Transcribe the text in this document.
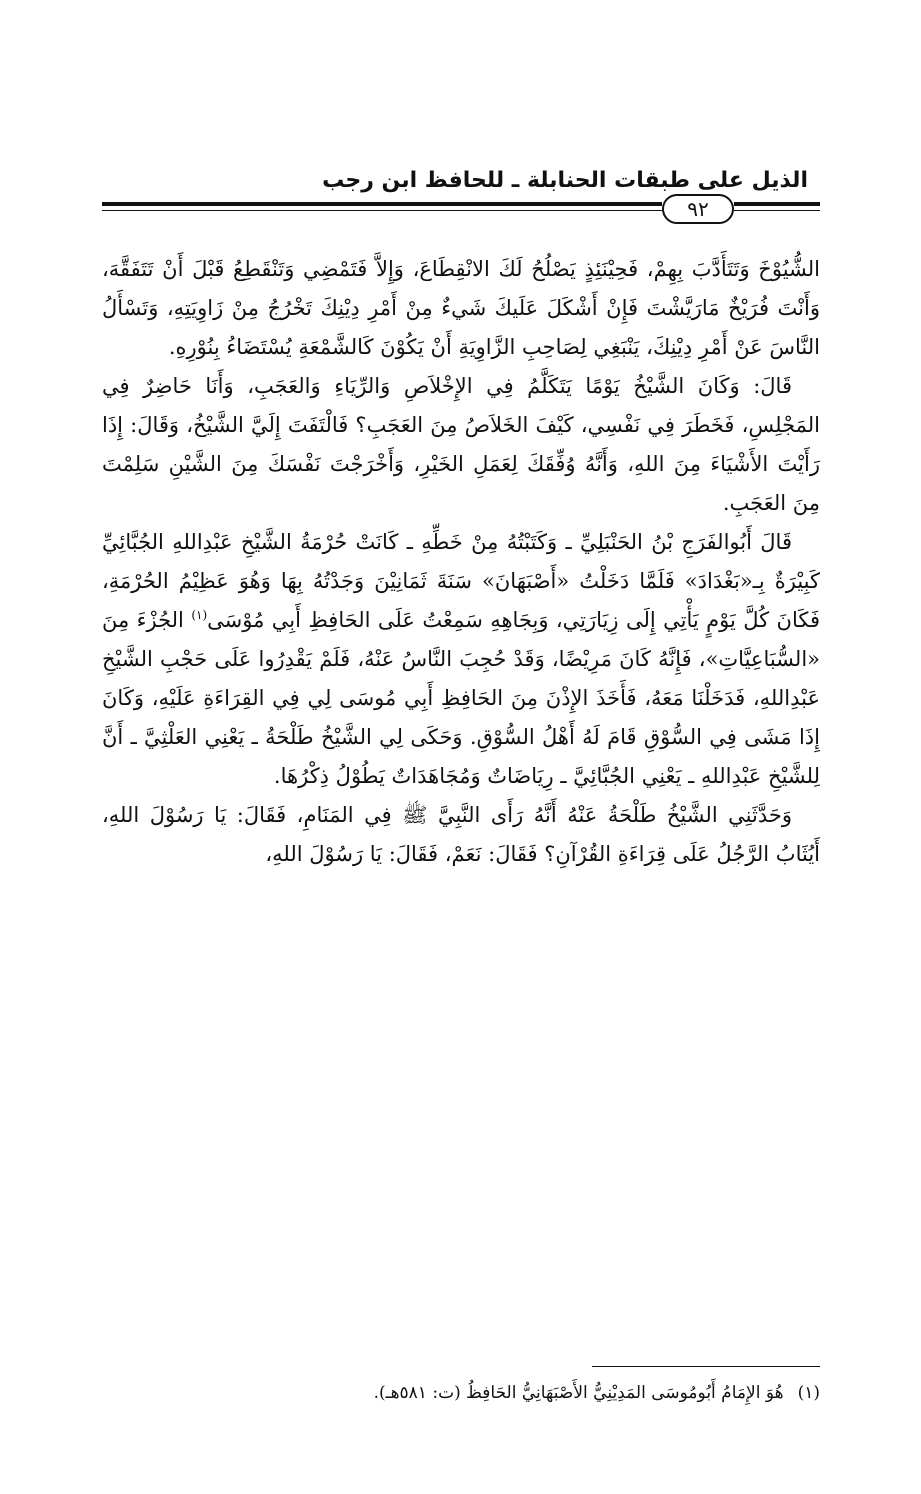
الذيل على طبقات الحنابلة ـ للحافظ ابن رجب
٩٢

الشُّيُوْخَ وَتَتَأَدَّبَ بِهِمْ، فَحِيْنَئِذٍ يَصْلُحُ لَكَ الانْقِطَاعَ، وَإِلاَّ فَتَمْضِي وَتَنْقَطِعُ قَبْلَ أَنْ تَتَفَقَّهَ، وَأَنْتَ فُرَيْخٌ مَارَيَّشْتَ فَإِنْ أَشْكَلَ عَلَيكَ شَيءٌ مِنْ أَمْرِ دِيْنِكَ تَخْرُجُ مِنْ زَاوِيَتِهِ، وَتَسْأَلُ النَّاسَ عَنْ أَمْرِ دِيْنِكَ، يَنْبَغِي لِصَاحِبِ الزَّاوِيَةِ أَنْ يَكُوْنَ كَالشَّمْعَةِ يُسْتَضَاءُ بِنُوْرِهِ.

قَالَ: وَكَانَ الشَّيْخُ يَوْمًا يَتَكَلَّمُ فِي الإِخْلاَصِ وَالرِّيَاءِ وَالعَجَبِ، وَأَنَا حَاضِرٌ فِي المَجْلِسِ، فَخَطَرَ فِي نَفْسِي، كَيْفَ الخَلاَصُ مِنَ العَجَبِ؟ فَالْتَفَتَ إِلَيَّ الشَّيْخُ، وَقَالَ: إِذَا رَأَيْتَ الأَشْيَاءَ مِنَ اللهِ، وَأَنَّهُ وُفِّقَكَ لِعَمَلِ الخَيْرِ، وَأَخْرَجْتَ نَفْسَكَ مِنَ الشَّيْنِ سَلِمْتَ مِنَ العَجَبِ.

قَالَ أَبُوالفَرَجِ بْنُ الحَنْبَلِيِّ ـ وَكَتَبْتُهُ مِنْ خَطِّهِ ـ كَانَتْ حُرْمَةُ الشَّيْخِ عَبْدِاللهِ الجُبَّائِيِّ كَبِيْرَةٌ بِـ«بَغْدَادَ» فَلَمَّا دَخَلْتُ «أَصْبَهَانَ» سَنَةَ ثَمَانِيْنَ وَجَدْتُهُ بِهَا وَهُوَ عَظِيْمُ الحُرْمَةِ، فَكَانَ كُلَّ يَوْمٍ يَأْتِي إِلَى زِيَارَتِي، وَبِجَاهِهِ سَمِعْتُ عَلَى الحَافِظِ أَبِي مُوْسَى$^{(١)}$ الجُزْءَ مِنَ «السُّبَاعِيَّاتِ»، فَإِنَّهُ كَانَ مَرِيْضًا، وَقَدْ حُجِبَ النَّاسُ عَنْهُ، فَلَمْ يَقْدِرُوا عَلَى حَجْبِ الشَّيْخِ عَبْدِاللهِ، فَدَخَلْنَا مَعَهُ، فَأَخَذَ الإِذْنَ مِنَ الحَافِظِ أَبِي مُوسَى لِي فِي القِرَاءَةِ عَلَيْهِ، وَكَانَ إِذَا مَشَى فِي السُّوْقِ قَامَ لَهُ أَهْلُ السُّوْقِ. وَحَكَى لِي الشَّيْخُ طَلْحَةُ ـ يَعْنِي العَلْثِيَّ ـ أَنَّ لِلشَّيْخِ عَبْدِاللهِ ـ يَعْنِي الجُبَّائِيَّ ـ رِيَاضَاتٌ وَمُجَاهَدَاتٌ يَطُوْلُ ذِكْرُهَا.

وَحَدَّثَنِي الشَّيْخُ طَلْحَةُ عَنْهُ أَنَّهُ رَأَى النَّبِيَّ ﷺ فِي المَنَامِ، فَقَالَ: يَا رَسُوْلَ اللهِ، أَيُثَابُ الرَّجُلُ عَلَى قِرَاءَةِ القُرْآنِ؟ فَقَالَ: نَعَمْ، فَقَالَ: يَا رَسُوْلَ اللهِ،

(١)هُوَ الإِمَامُ أَبُومُوسَى المَدِيْنِيُّ الأَصْبَهَانِيُّ الحَافِظُ (ت: ٥٨١هـ).
